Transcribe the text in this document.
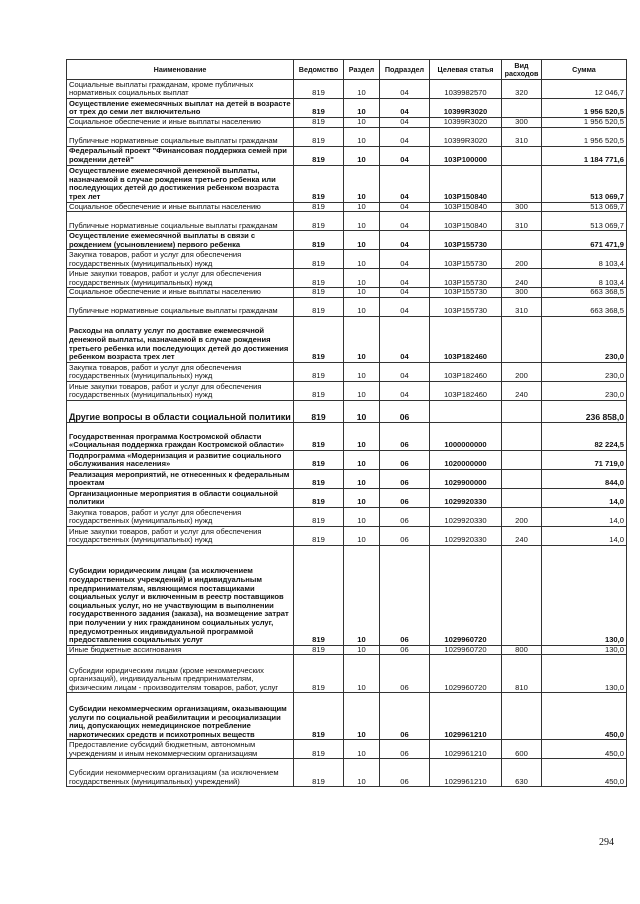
Наименование	Ведомство	Раздел	Подраздел	Целевая статья	Вид расходов	Сумма
Социальные выплаты гражданам, кроме публичных нормативных социальных выплат	819	10	04	1039982570	320	12 046,7
Осуществление ежемесячных выплат на детей в возрасте от трех до семи лет включительно	819	10	04	10399R3020		1 956 520,5
Социальное обеспечение и иные выплаты населению	819	10	04	10399R3020	300	1 956 520,5
Публичные нормативные социальные выплаты гражданам	819	10	04	10399R3020	310	1 956 520,5
Федеральный проект "Финансовая поддержка семей при рождении детей"	819	10	04	103P100000		1 184 771,6
Осуществление ежемесячной денежной выплаты, назначаемой в случае рождения третьего ребенка или последующих детей до достижения ребенком возраста трех лет	819	10	04	103P150840		513 069,7
Социальное обеспечение и иные выплаты населению	819	10	04	103P150840	300	513 069,7
Публичные нормативные социальные выплаты гражданам	819	10	04	103P150840	310	513 069,7
Осуществление ежемесячной выплаты в связи с рождением (усыновлением) первого ребенка	819	10	04	103P155730		671 471,9
Закупка товаров, работ и услуг для обеспечения государственных (муниципальных) нужд	819	10	04	103P155730	200	8 103,4
Иные закупки товаров, работ и услуг для обеспечения государственных (муниципальных) нужд	819	10	04	103P155730	240	8 103,4
Социальное обеспечение и иные выплаты населению	819	10	04	103P155730	300	663 368,5
Публичные нормативные социальные выплаты гражданам	819	10	04	103P155730	310	663 368,5
Расходы на оплату услуг по доставке ежемесячной денежной выплаты, назначаемой в случае рождения третьего ребенка или последующих детей до достижения ребенком возраста трех лет	819	10	04	103P182460		230,0
Закупка товаров, работ и услуг для обеспечения государственных (муниципальных) нужд	819	10	04	103P182460	200	230,0
Иные закупки товаров, работ и услуг для обеспечения государственных (муниципальных) нужд	819	10	04	103P182460	240	230,0
Другие вопросы в области социальной политики	819	10	06			236 858,0
Государственная программа Костромской области «Социальная поддержка граждан Костромской области»	819	10	06	1000000000		82 224,5
Подпрограмма «Модернизация и развитие социального обслуживания населения»	819	10	06	1020000000		71 719,0
Реализация мероприятий, не отнесенных к федеральным проектам	819	10	06	1029900000		844,0
Организационные мероприятия в области социальной политики	819	10	06	1029920330		14,0
Закупка товаров, работ и услуг для обеспечения государственных (муниципальных) нужд	819	10	06	1029920330	200	14,0
Иные закупки товаров, работ и услуг для обеспечения государственных (муниципальных) нужд	819	10	06	1029920330	240	14,0
Субсидии юридическим лицам (за исключением государственных учреждений) и индивидуальным предпринимателям, являющимся поставщиками социальных услуг и включенным в реестр поставщиков социальных услуг, но не участвующим в выполнении государственного задания (заказа), на возмещение затрат при получении у них гражданином социальных услуг, предусмотренных индивидуальной программой предоставления социальных услуг	819	10	06	1029960720		130,0
Иные бюджетные ассигнования	819	10	06	1029960720	800	130,0
Субсидии юридическим лицам (кроме некоммерческих организаций), индивидуальным предпринимателям, физическим лицам - производителям товаров, работ, услуг	819	10	06	1029960720	810	130,0
Субсидии некоммерческим организациям, оказывающим услуги по социальной реабилитации и ресоциализации лиц, допускающих немедицинское потребление наркотических средств и психотропных веществ	819	10	06	1029961210		450,0
Предоставление субсидий бюджетным, автономным учреждениям и иным некоммерческим организациям	819	10	06	1029961210	600	450,0
Субсидии некоммерческим организациям (за исключением государственных (муниципальных) учреждений)	819	10	06	1029961210	630	450,0
294
